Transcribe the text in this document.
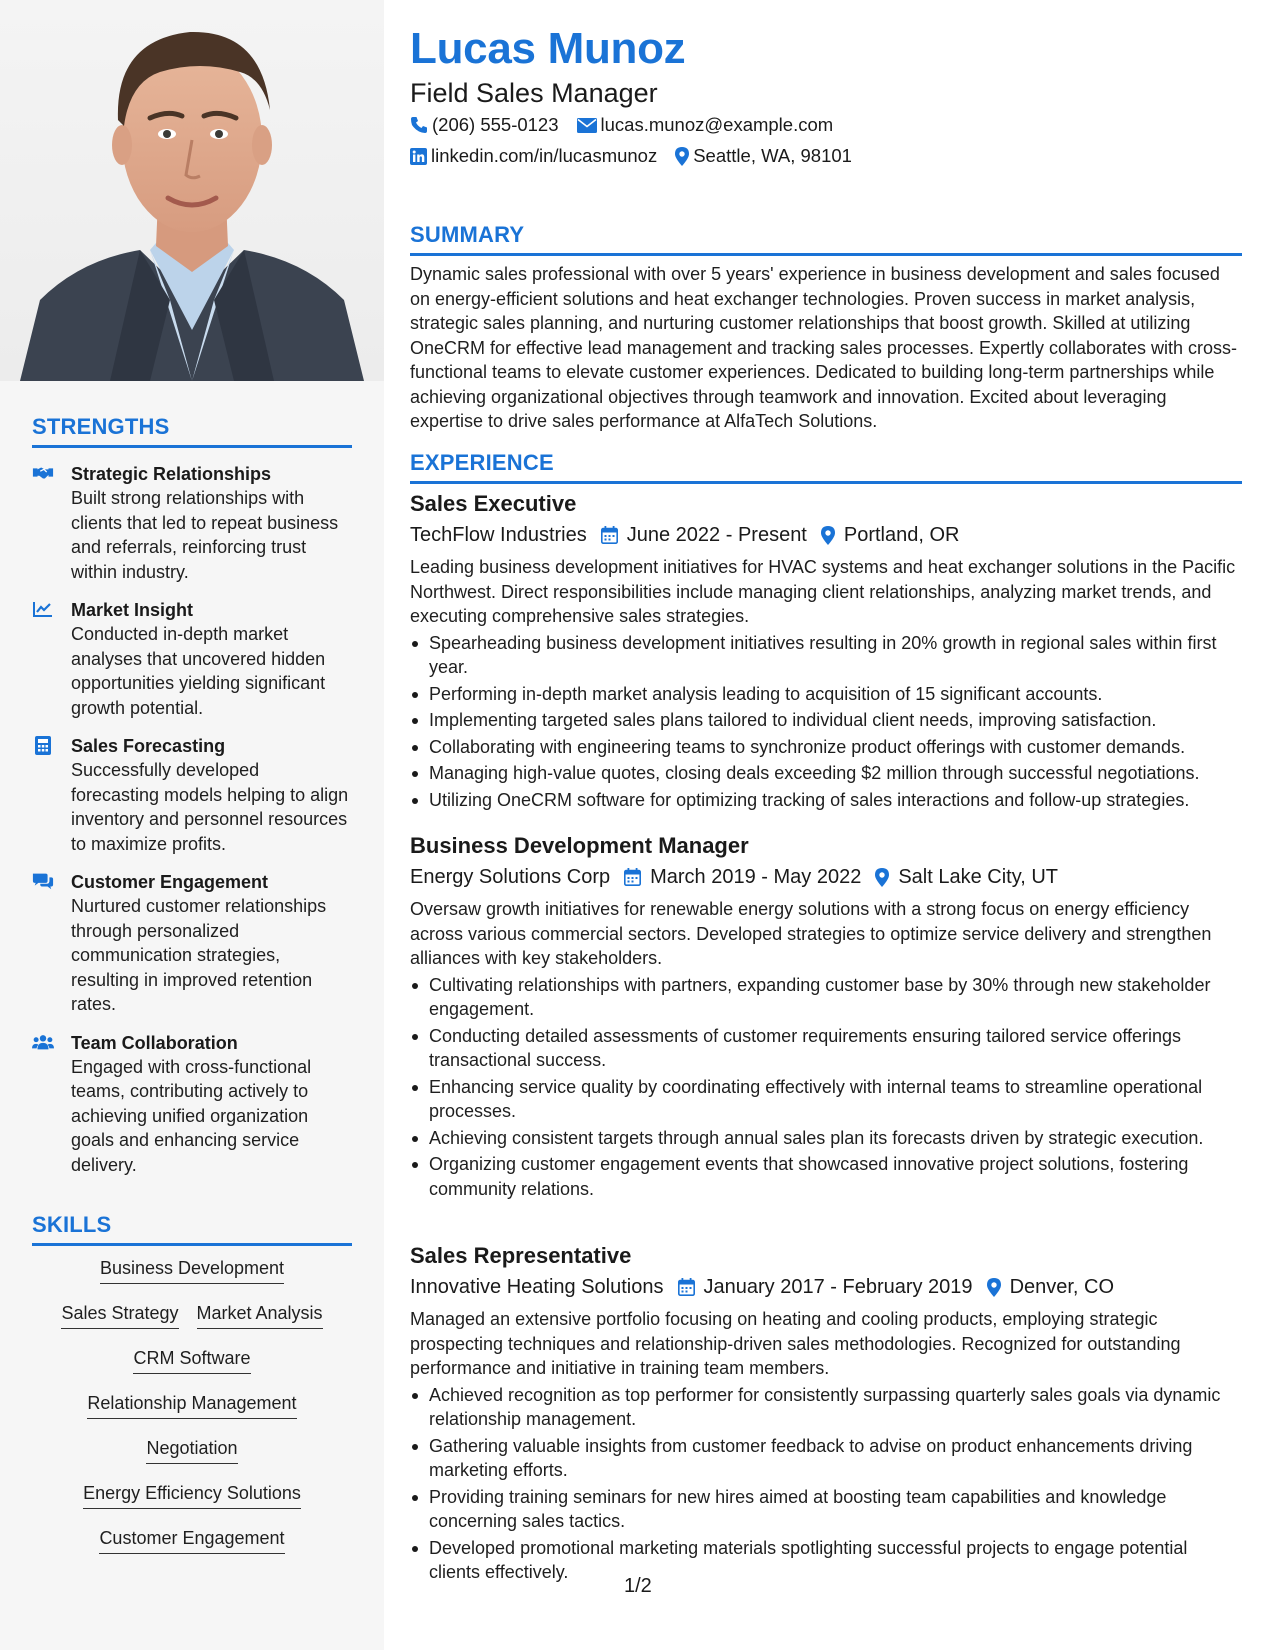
STRENGTHS
Strategic Relationships
Built strong relationships with clients that led to repeat business and referrals, reinforcing trust within industry.
Market Insight
Conducted in-depth market analyses that uncovered hidden opportunities yielding significant growth potential.
Sales Forecasting
Successfully developed forecasting models helping to align inventory and personnel resources to maximize profits.
Customer Engagement
Nurtured customer relationships through personalized communication strategies, resulting in improved retention rates.
Team Collaboration
Engaged with cross-functional teams, contributing actively to achieving unified organization goals and enhancing service delivery.
SKILLS
Business Development
Sales Strategy Market Analysis
CRM Software
Relationship Management
Negotiation
Energy Efficiency Solutions
Customer Engagement
Lucas Munoz
Field Sales Manager
(206) 555-0123 lucas.munoz@example.com
linkedin.com/in/lucasmunoz Seattle, WA, 98101
SUMMARY
Dynamic sales professional with over 5 years' experience in business development and sales focused on energy-efficient solutions and heat exchanger technologies. Proven success in market analysis, strategic sales planning, and nurturing customer relationships that boost growth. Skilled at utilizing OneCRM for effective lead management and tracking sales processes. Expertly collaborates with cross-functional teams to elevate customer experiences. Dedicated to building long-term partnerships while achieving organizational objectives through teamwork and innovation. Excited about leveraging expertise to drive sales performance at AlfaTech Solutions.
EXPERIENCE
Sales Executive
TechFlow Industries June 2022 - Present Portland, OR
Leading business development initiatives for HVAC systems and heat exchanger solutions in the Pacific Northwest. Direct responsibilities include managing client relationships, analyzing market trends, and executing comprehensive sales strategies.
Spearheading business development initiatives resulting in 20% growth in regional sales within first year.
Performing in-depth market analysis leading to acquisition of 15 significant accounts.
Implementing targeted sales plans tailored to individual client needs, improving satisfaction.
Collaborating with engineering teams to synchronize product offerings with customer demands.
Managing high-value quotes, closing deals exceeding $2 million through successful negotiations.
Utilizing OneCRM software for optimizing tracking of sales interactions and follow-up strategies.
Business Development Manager
Energy Solutions Corp March 2019 - May 2022 Salt Lake City, UT
Oversaw growth initiatives for renewable energy solutions with a strong focus on energy efficiency across various commercial sectors. Developed strategies to optimize service delivery and strengthen alliances with key stakeholders.
Cultivating relationships with partners, expanding customer base by 30% through new stakeholder engagement.
Conducting detailed assessments of customer requirements ensuring tailored service offerings transactional success.
Enhancing service quality by coordinating effectively with internal teams to streamline operational processes.
Achieving consistent targets through annual sales plan its forecasts driven by strategic execution.
Organizing customer engagement events that showcased innovative project solutions, fostering community relations.
Sales Representative
Innovative Heating Solutions January 2017 - February 2019 Denver, CO
Managed an extensive portfolio focusing on heating and cooling products, employing strategic prospecting techniques and relationship-driven sales methodologies. Recognized for outstanding performance and initiative in training team members.
Achieved recognition as top performer for consistently surpassing quarterly sales goals via dynamic relationship management.
Gathering valuable insights from customer feedback to advise on product enhancements driving marketing efforts.
Providing training seminars for new hires aimed at boosting team capabilities and knowledge concerning sales tactics.
Developed promotional marketing materials spotlighting successful projects to engage potential clients effectively.
1/2
